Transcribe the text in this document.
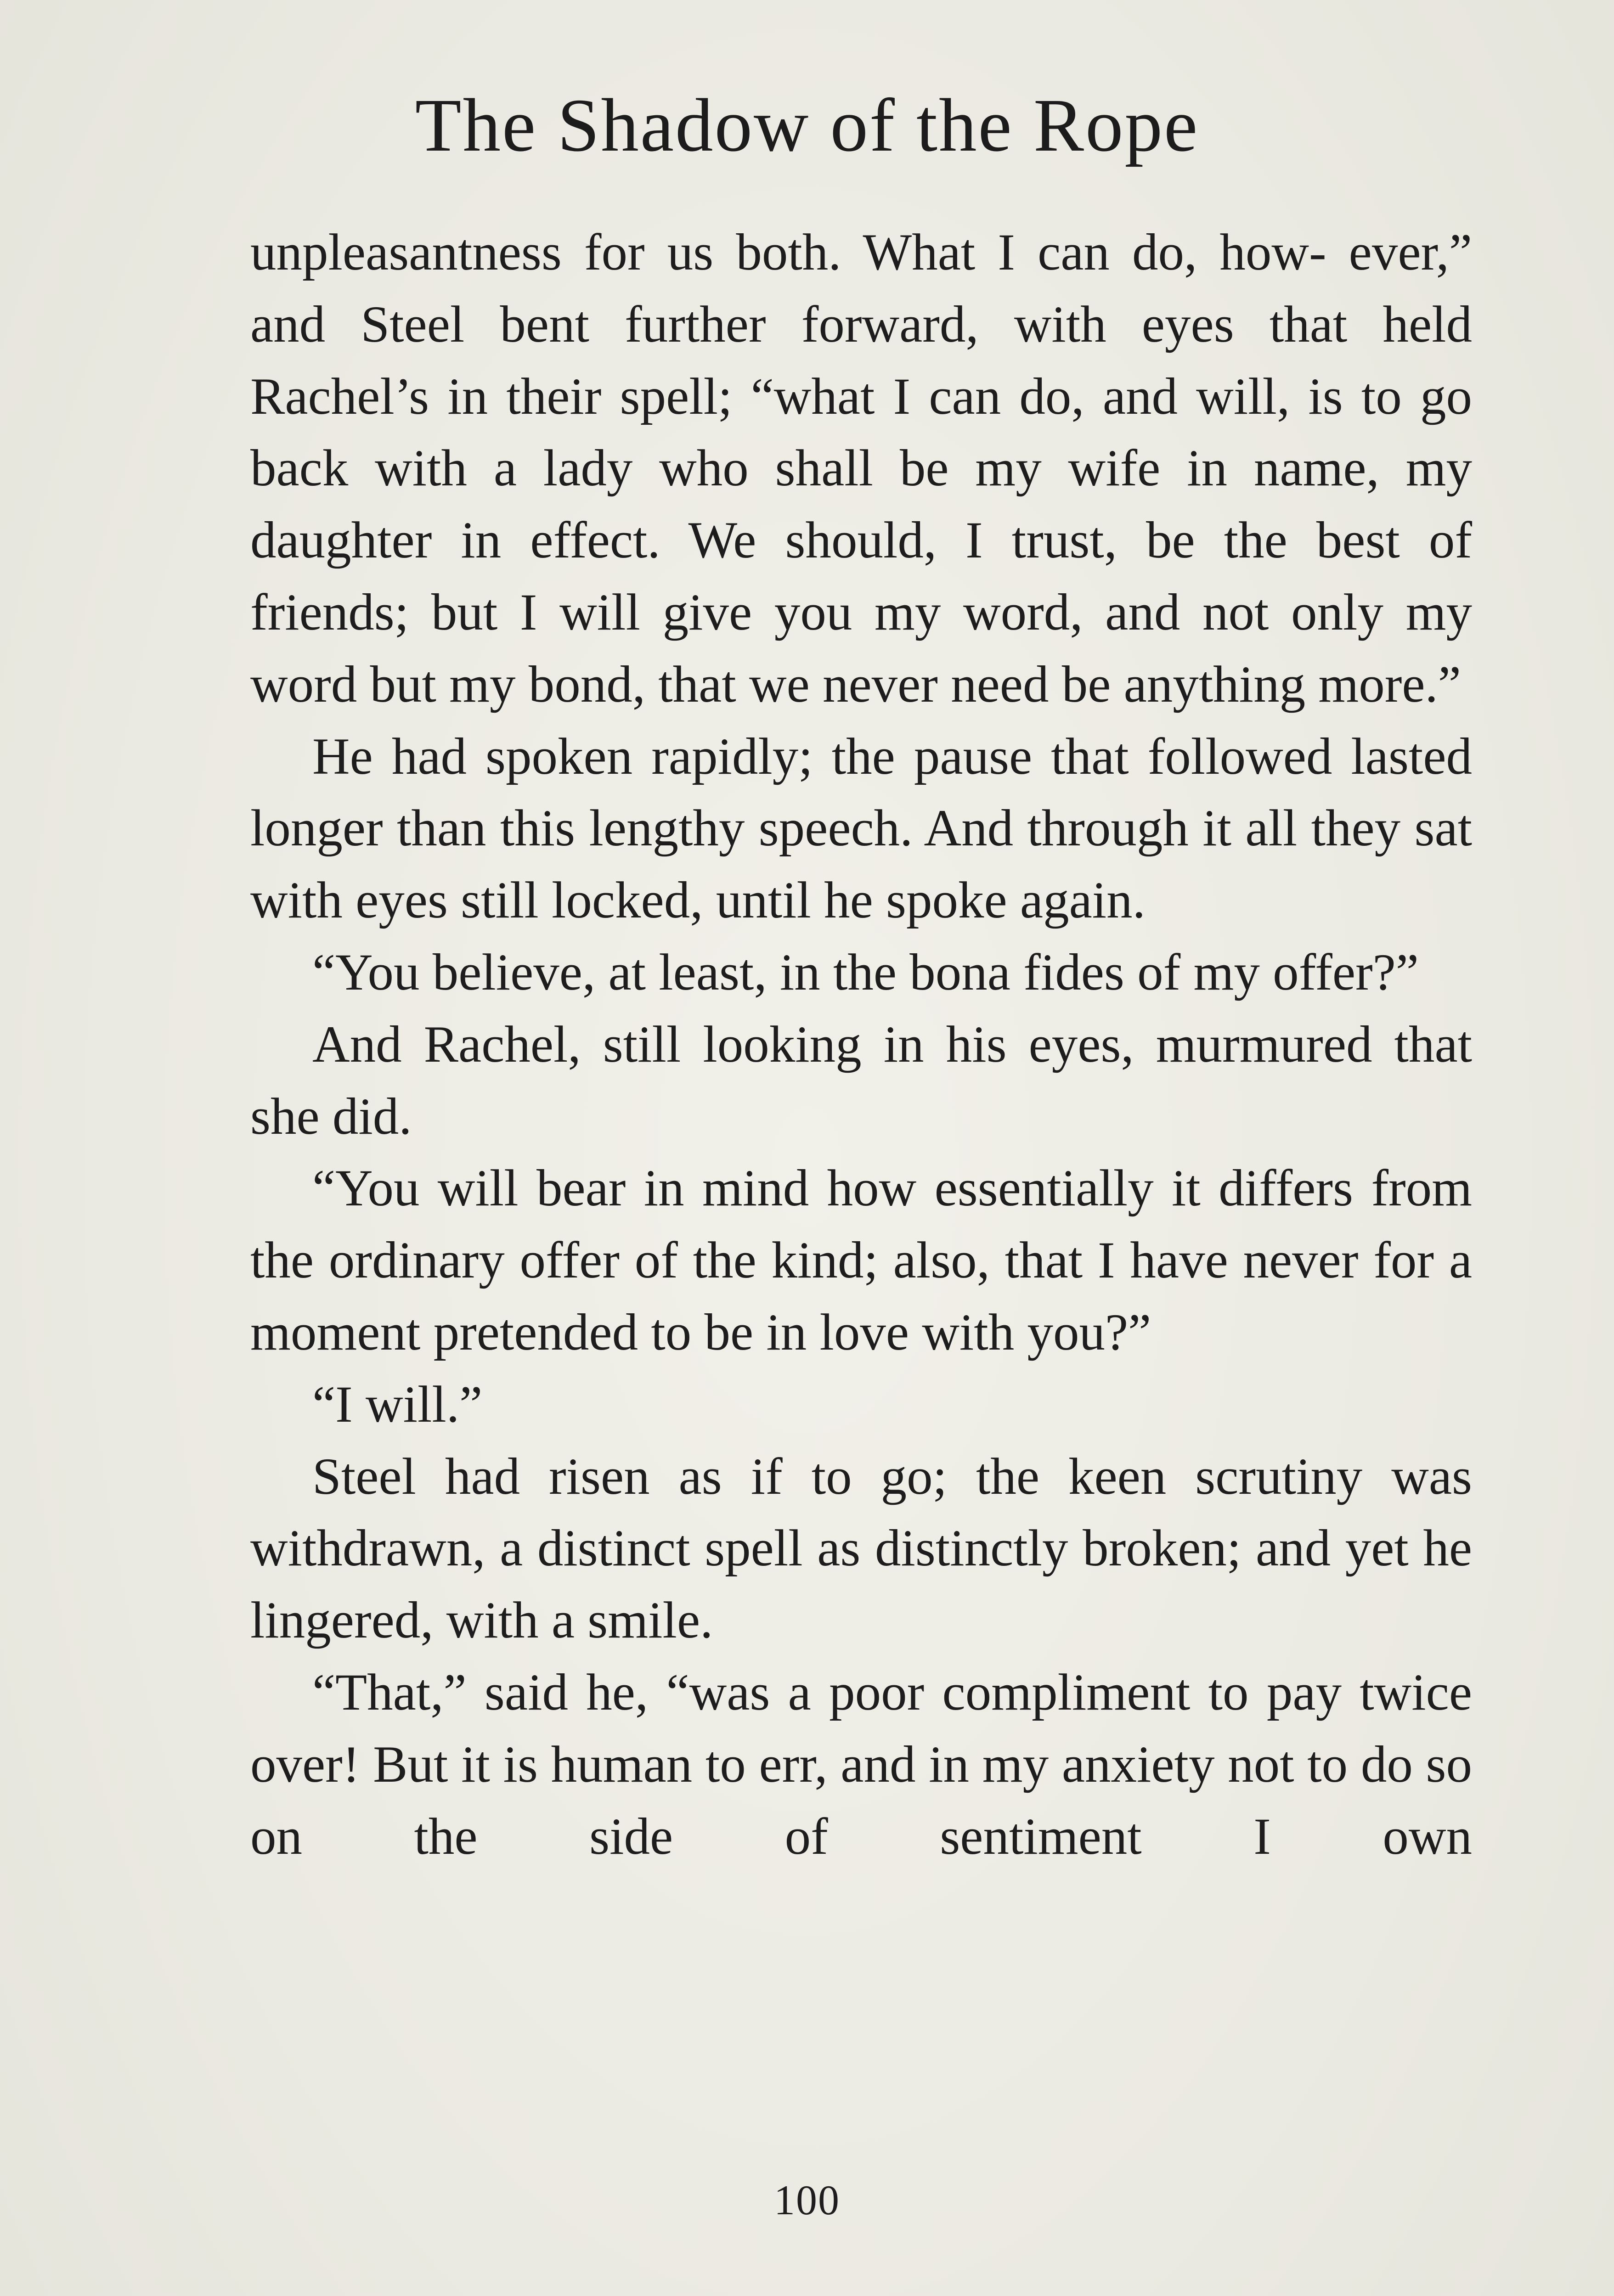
The Shadow of the Rope

unpleasantness for us both. What I can do, how- ever,” and Steel bent further forward, with eyes that held Rachel’s in their spell; “what I can do, and will, is to go back with a lady who shall be my wife in name, my daughter in effect. We should, I trust, be the best of friends; but I will give you my word, and not only my word but my bond, that we never need be anything more.”

He had spoken rapidly; the pause that followed lasted longer than this lengthy speech. And through it all they sat with eyes still locked, until he spoke again.

“You believe, at least, in the bona fides of my offer?”

And Rachel, still looking in his eyes, murmured that she did.

“You will bear in mind how essentially it differs from the ordinary offer of the kind; also, that I have never for a moment pretended to be in love with you?”

“I will.”

Steel had risen as if to go; the keen scrutiny was withdrawn, a distinct spell as distinctly broken; and yet he lingered, with a smile.

“That,” said he, “was a poor compliment to pay twice over! But it is human to err, and in my anxiety not to do so on the side of sentiment I own

100
